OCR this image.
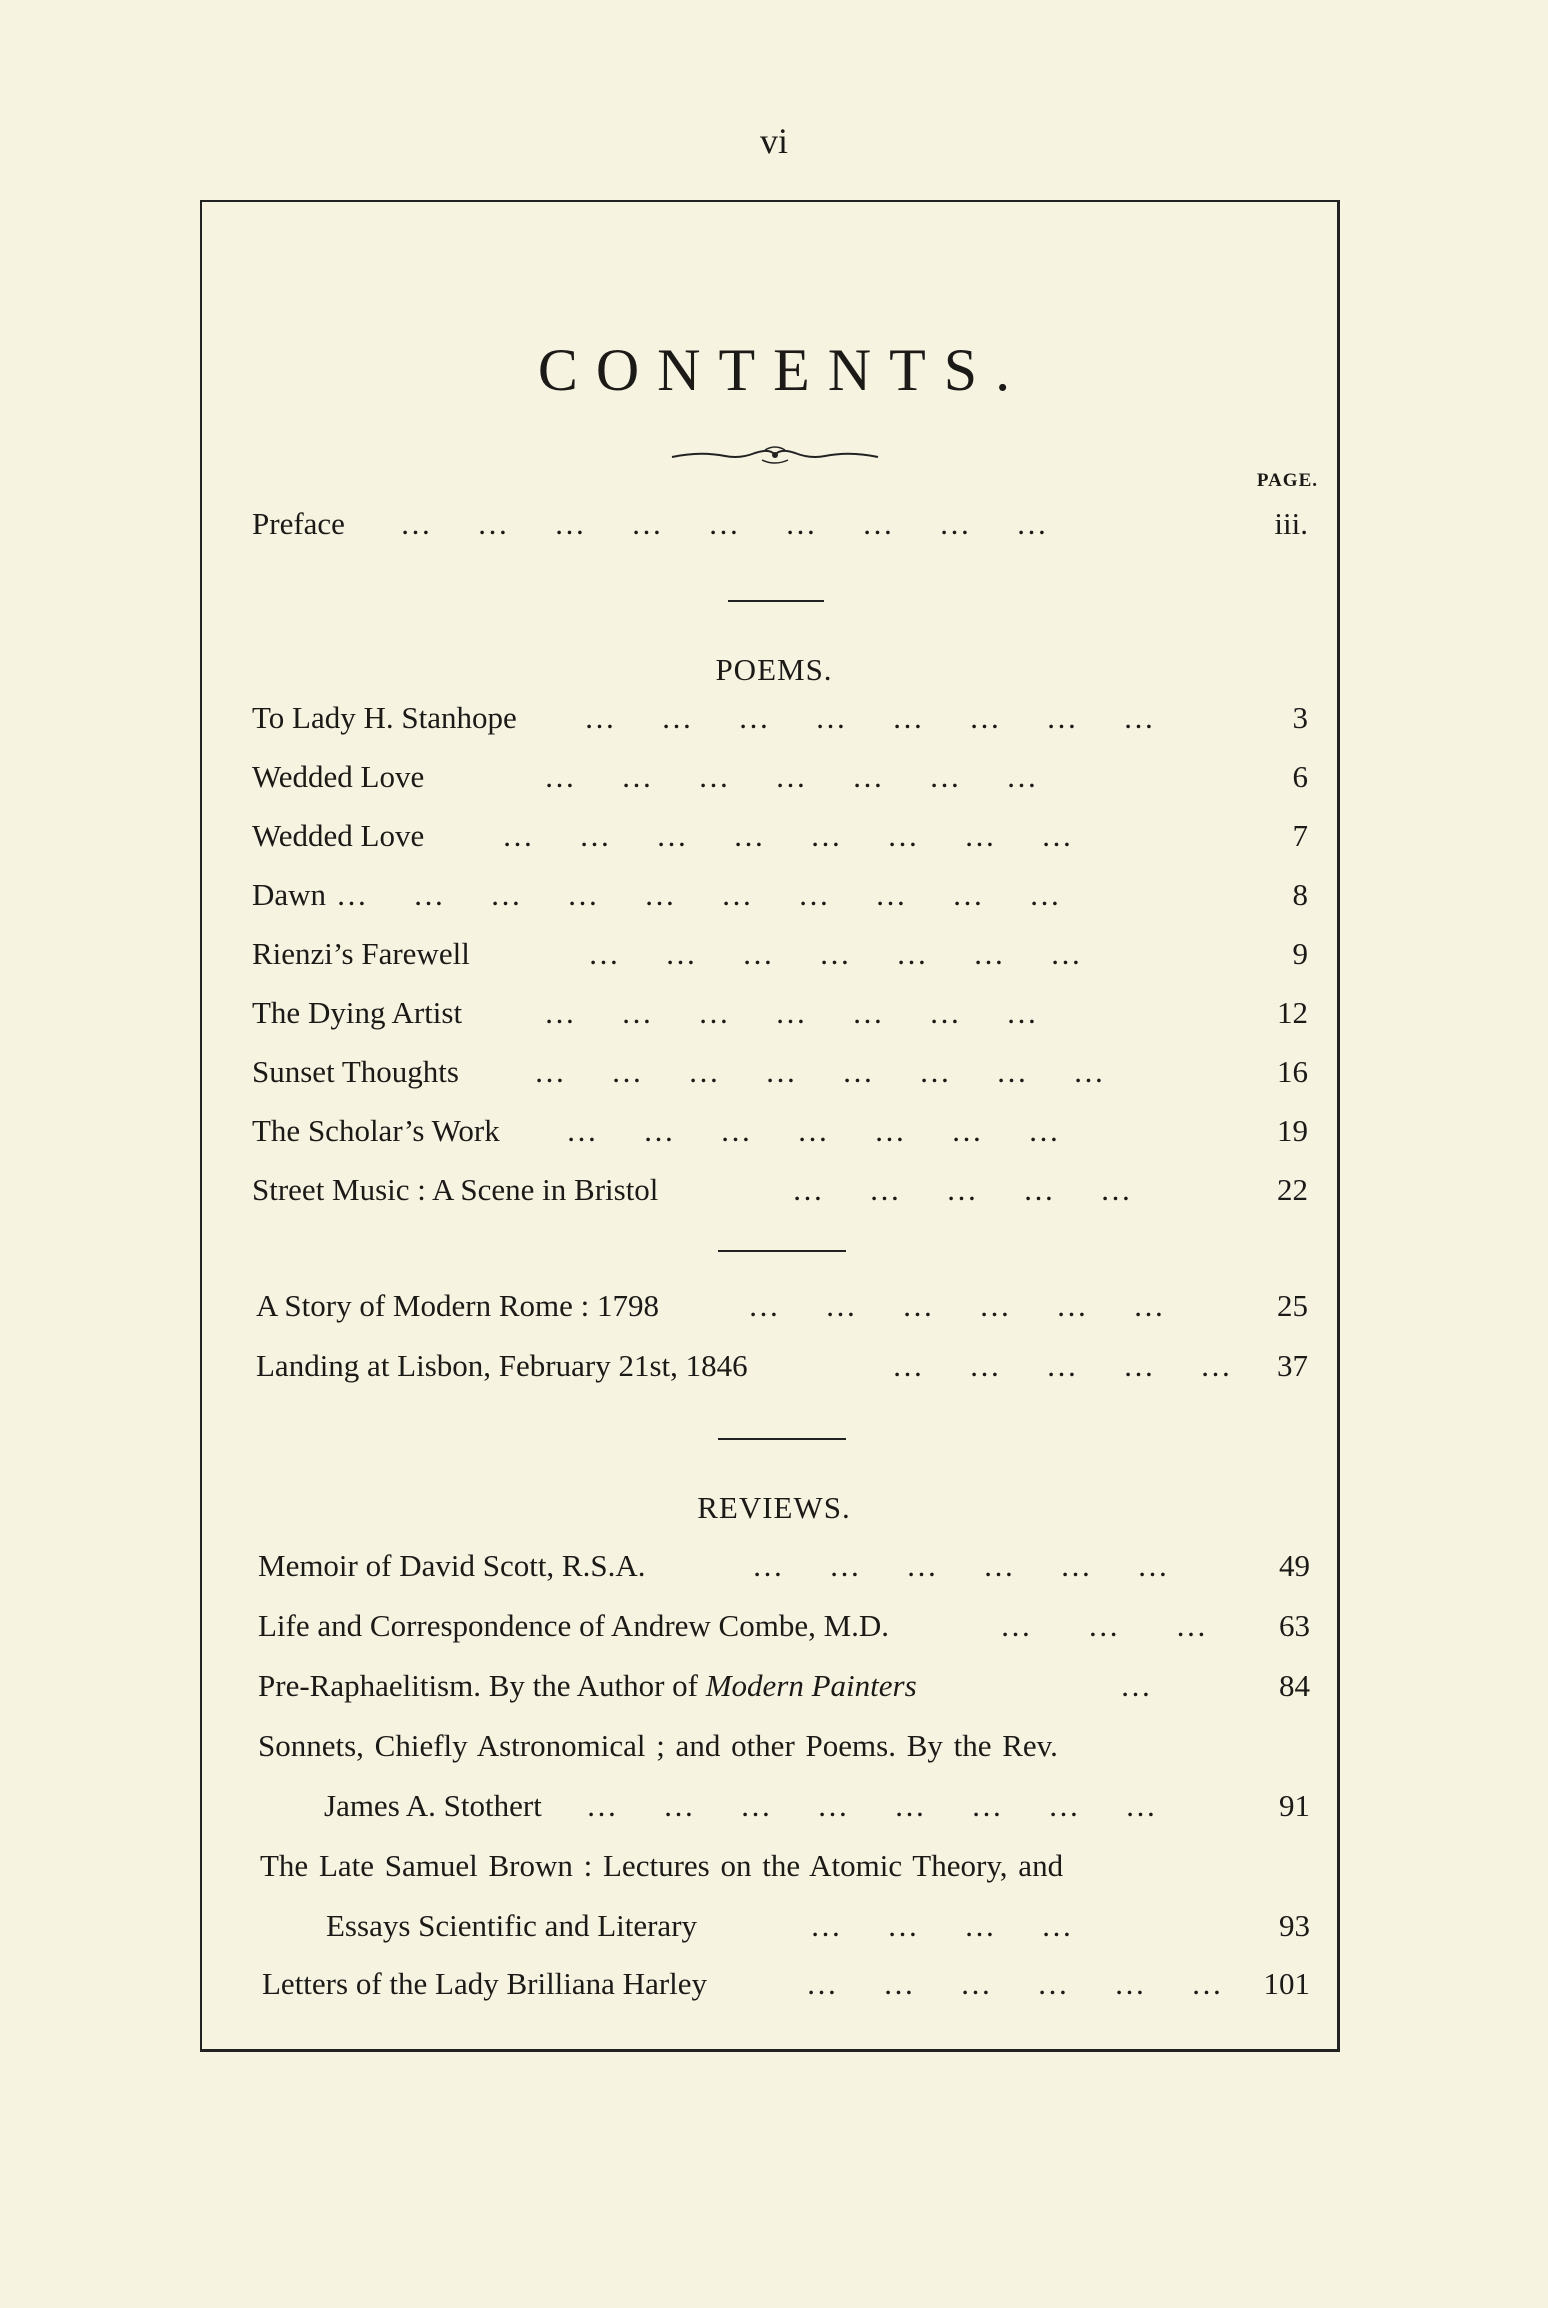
vi
CONTENTS.
PAGE.
Preface …    …    …    …    …    …    …    …    …	iii.
POEMS.
To Lady H. Stanhope …    …    …    …    …    …    …    …	3
Wedded Love	…    …    …    …    …    …    …	6
Wedded Love	…    …    …    …    …    …    …    …	7
Dawn …    …    …    …    …    …    …    …    …    …	8
Rienzi’s Farewell	…    …    …    …    …    …    …	9
The Dying Artist	…    …    …    …    …    …    …	12
Sunset Thoughts …    …    …    …    …    …    …    …	16
The Scholar’s Work …    …    …    …    …    …    …	19
Street Music : A Scene in Bristol	…    …    …    …    …	22
A Story of Modern Rome : 1798	…    …    …    …    …    …	25
Landing at Lisbon, February 21st, 1846	…    …    …    …    … 37
REVIEWS.
Memoir of David Scott, R.S.A.	…    …    …    …    …    …	49
Life and Correspondence of Andrew Combe, M.D.	…     …     … 63
Pre-Raphaelitism. By the Author of Modern Painters	…	84
Sonnets, Chiefly Astronomical ; and other Poems. By the Rev.
James A. Stothert …    …    …    …    …    …    …    …	91
The Late Samuel Brown : Lectures on the Atomic Theory, and
Essays Scientific and Literary	…    …    …    …	93
Letters of the Lady Brilliana Harley	…    …    …    …    …    … 101
